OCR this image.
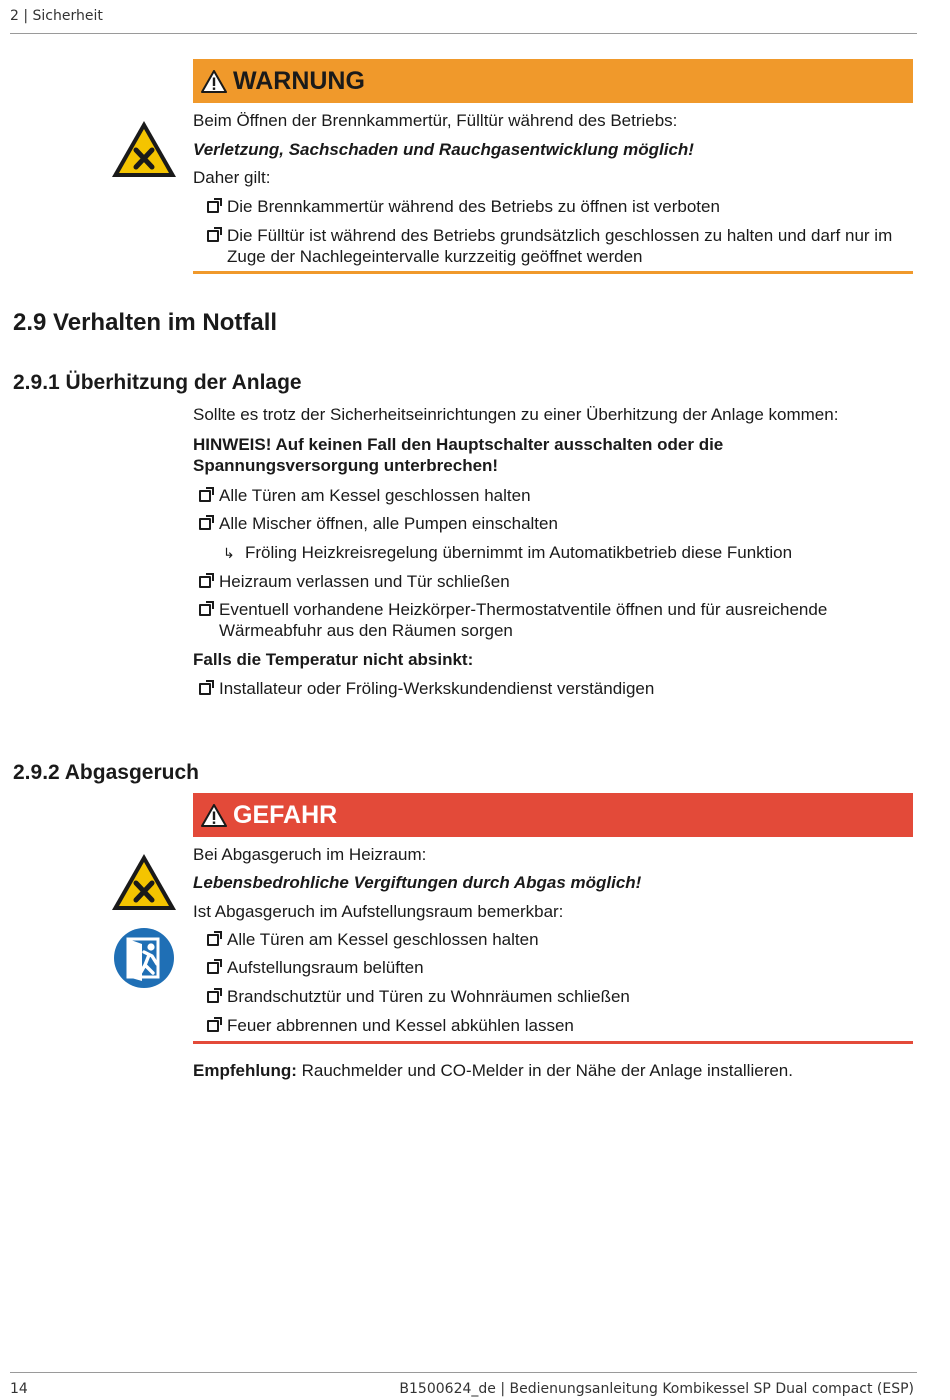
2 | Sicherheit
WARNUNG
Beim Öffnen der Brennkammertür, Fülltür während des Betriebs:
Verletzung, Sachschaden und Rauchgasentwicklung möglich!
Daher gilt:
Die Brennkammertür während des Betriebs zu öffnen ist verboten
Die Fülltür ist während des Betriebs grundsätzlich geschlossen zu halten und darf nur im Zuge der Nachlegeintervalle kurzzeitig geöffnet werden
2.9 Verhalten im Notfall
2.9.1 Überhitzung der Anlage
Sollte es trotz der Sicherheitseinrichtungen zu einer Überhitzung der Anlage kommen:
HINWEIS! Auf keinen Fall den Hauptschalter ausschalten oder die
Spannungsversorgung unterbrechen!
Alle Türen am Kessel geschlossen halten
Alle Mischer öffnen, alle Pumpen einschalten
↳ Fröling Heizkreisregelung übernimmt im Automatikbetrieb diese Funktion
Heizraum verlassen und Tür schließen
Eventuell vorhandene Heizkörper-Thermostatventile öffnen und für ausreichende Wärmeabfuhr aus den Räumen sorgen
Falls die Temperatur nicht absinkt:
Installateur oder Fröling-Werkskundendienst verständigen
2.9.2 Abgasgeruch
GEFAHR
Bei Abgasgeruch im Heizraum:
Lebensbedrohliche Vergiftungen durch Abgas möglich!
Ist Abgasgeruch im Aufstellungsraum bemerkbar:
Alle Türen am Kessel geschlossen halten
Aufstellungsraum belüften
Brandschutztür und Türen zu Wohnräumen schließen
Feuer abbrennen und Kessel abkühlen lassen
Empfehlung: Rauchmelder und CO-Melder in der Nähe der Anlage installieren.
14	B1500624_de | Bedienungsanleitung Kombikessel SP Dual compact (ESP)
